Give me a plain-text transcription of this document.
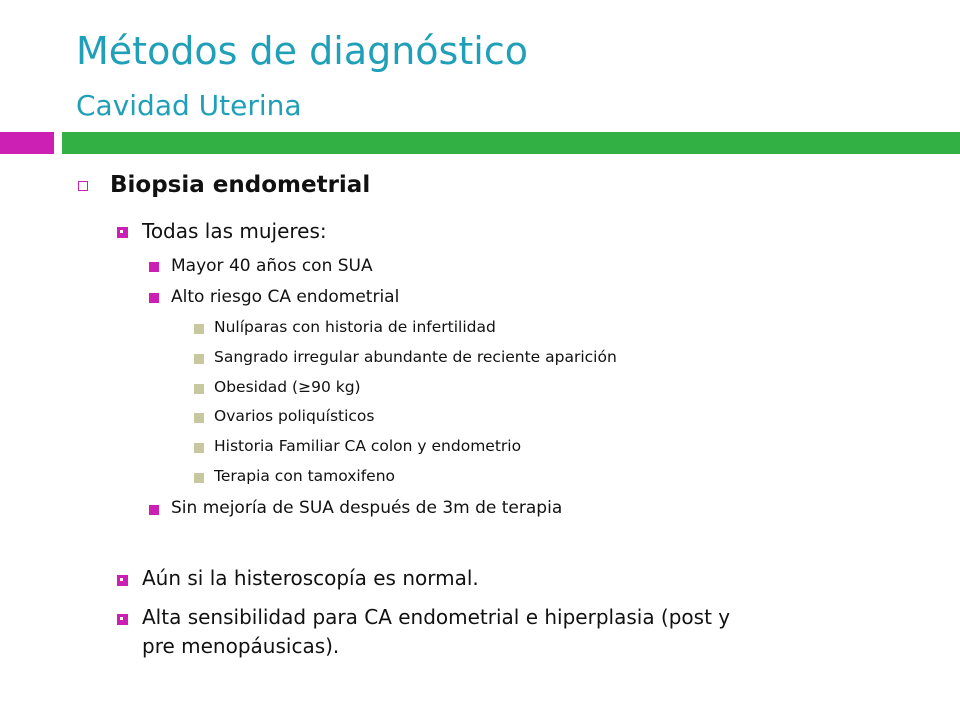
Métodos de diagnóstico
Cavidad Uterina
Biopsia endometrial
Todas las mujeres:
Mayor 40 años con SUA
Alto riesgo CA endometrial
Nulíparas con historia de infertilidad
Sangrado irregular abundante de reciente aparición
Obesidad (≥90 kg)
Ovarios poliquísticos
Historia Familiar CA colon y endometrio
Terapia con tamoxifeno
Sin mejoría de SUA después de 3m de terapia
Aún si la histeroscopía es normal.
Alta sensibilidad para CA endometrial e hiperplasia (post y
pre menopáusicas).
